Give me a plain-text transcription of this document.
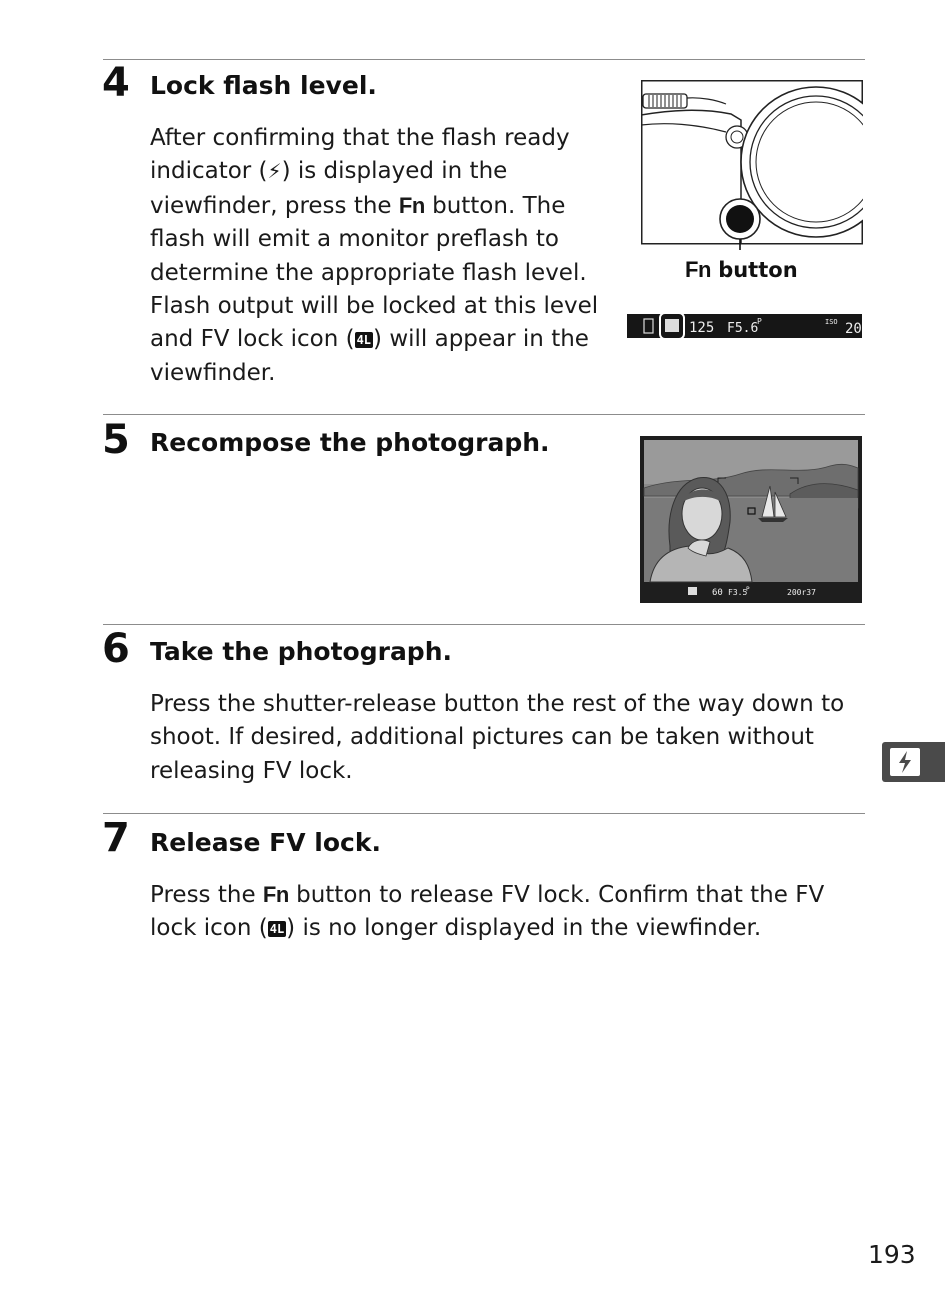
4 Lock flash level.

After confirming that the flash ready indicator (⚡) is displayed in the viewfinder, press the Fn button. The flash will emit a monitor preflash to determine the appropriate flash level. Flash output will be locked at this level and FV lock icon ( 4L) will appear in the viewfinder.

Fn button
125 F5.6
P	ISO 20
5 Recompose the photograph.
60 F3.5
P	200r37
6 Take the photograph.

Press the shutter-release button the rest of the way down to shoot. If desired, additional pictures can be taken without releasing FV lock.

7 Release FV lock.

Press the Fn button to release FV lock. Confirm that the FV lock icon ( 4L) is no longer displayed in the viewfinder.

193
